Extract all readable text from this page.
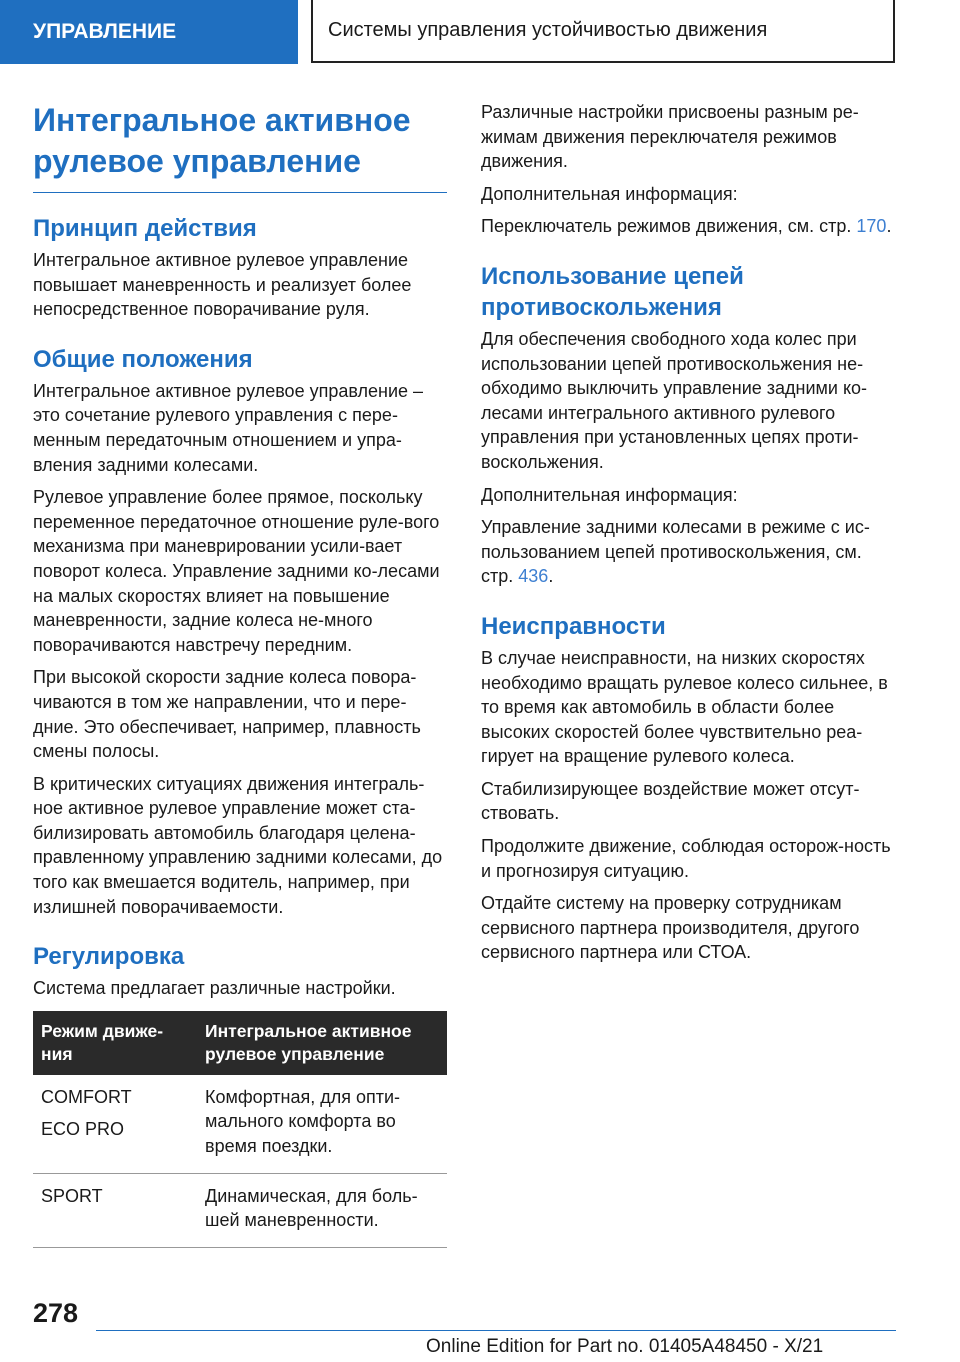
УПРАВЛЕНИЕ	Системы управления устойчивостью движения
Интегральное активное рулевое управление
Принцип действия

Интегральное активное рулевое управление повышает маневренность и реализует более непосредственное поворачивание руля.

Общие положения

Интегральное активное рулевое управление – это сочетание рулевого управления с пере-менным передаточным отношением и упра-вления задними колесами.

Рулевое управление более прямое, поскольку переменное передаточное отношение руле-вого механизма при маневрировании усили-вает поворот колеса. Управление задними ко-лесами на малых скоростях влияет на повышение маневренности, задние колеса не-много поворачиваются навстречу передним.

При высокой скорости задние колеса повора-чиваются в том же направлении, что и пере-дние. Это обеспечивает, например, плавность смены полосы.

В критических ситуациях движения интеграль-ное активное рулевое управление может ста-билизировать автомобиль благодаря целена-правленному управлению задними колесами, до того как вмешается водитель, например, при излишней поворачиваемости.

Регулировка

Система предлагает различные настройки.

Режим движе-ния	Интегральное активное рулевое управление

COMFORT
ECO PRO	Комфортная, для опти-мального комфорта во время поездки.

SPORT	Динамическая, для боль-шей маневренности.

Различные настройки присвоены разным ре-жимам движения переключателя режимов движения.

Дополнительная информация:

Переключатель режимов движения, см. стр. 170.

Использование цепей противоскольжения

Для обеспечения свободного хода колес при использовании цепей противоскольжения не-обходимо выключить управление задними ко-лесами интегрального активного рулевого управления при установленных цепях проти-воскольжения.

Дополнительная информация:

Управление задними колесами в режиме с ис-пользованием цепей противоскольжения, см. стр. 436.

Неисправности

В случае неисправности, на низких скоростях необходимо вращать рулевое колесо сильнее, в то время как автомобиль в области более высоких скоростей более чувствительно реа-гирует на вращение рулевого колеса.

Стабилизирующее воздействие может отсут-ствовать.

Продолжите движение, соблюдая осторож-ность и прогнозируя ситуацию.

Отдайте систему на проверку сотрудникам сервисного партнера производителя, другого сервисного партнера или СТОА.

278
Online Edition for Part no. 01405A48450 - X/21
